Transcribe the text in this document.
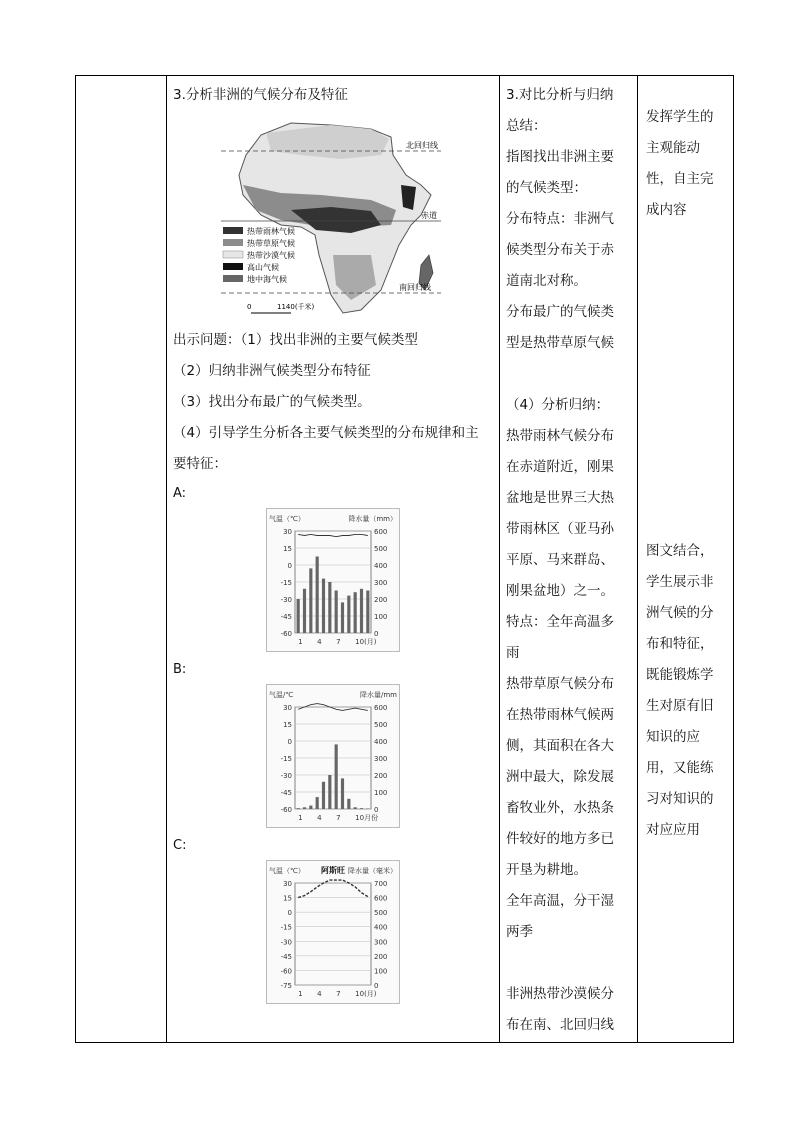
3.分析非洲的气候分布及特征
北回归线
赤道
南回归线
热带雨林气候
热带草原气候
热带沙漠气候
高山气候
地中海气候
0	1140(千米)
出示问题：（1）找出非洲的主要气候类型
（2）归纳非洲气候类型分布特征
（3）找出分布最广的气候类型。
（4）引导学生分析各主要气候类型的分布规律和主
要特征：
A:
30	600
15	500
0	400
-15	300
-30	200
-45	100
-60	0
气温（℃）	降水量（mm）
1 4 7 10(月)
B:
30	600
15	500
0	400
-15	300
-30	200
-45	100
-60	0
气温/℃	降水量/mm
1 4 7 10月份
C:
30	700
15	600
0	500
-15	400
-30	300
-45	200
-60	100
-75	0
气温（℃）	降水量（毫米）
阿斯旺
1 4 7 10(月)
3.对比分析与归纳
总结：
指图找出非洲主要
的气候类型：
分布特点：非洲气
候类型分布关于赤
道南北对称。
分布最广的气候类
型是热带草原气候

（4）分析归纳：
热带雨林气候分布
在赤道附近，刚果
盆地是世界三大热
带雨林区（亚马孙
平原、马来群岛、
刚果盆地）之一。
特点：全年高温多
雨
热带草原气候分布
在热带雨林气候两
侧，其面积在各大
洲中最大，除发展
畜牧业外，水热条
件较好的地方多已
开垦为耕地。
全年高温，分干湿
两季

非洲热带沙漠候分
布在南、北回归线
发挥学生的
主观能动
性，自主完
成内容
图文结合，
学生展示非
洲气候的分
布和特征，
既能锻炼学
生对原有旧
知识的应
用，又能练
习对知识的
对应应用
